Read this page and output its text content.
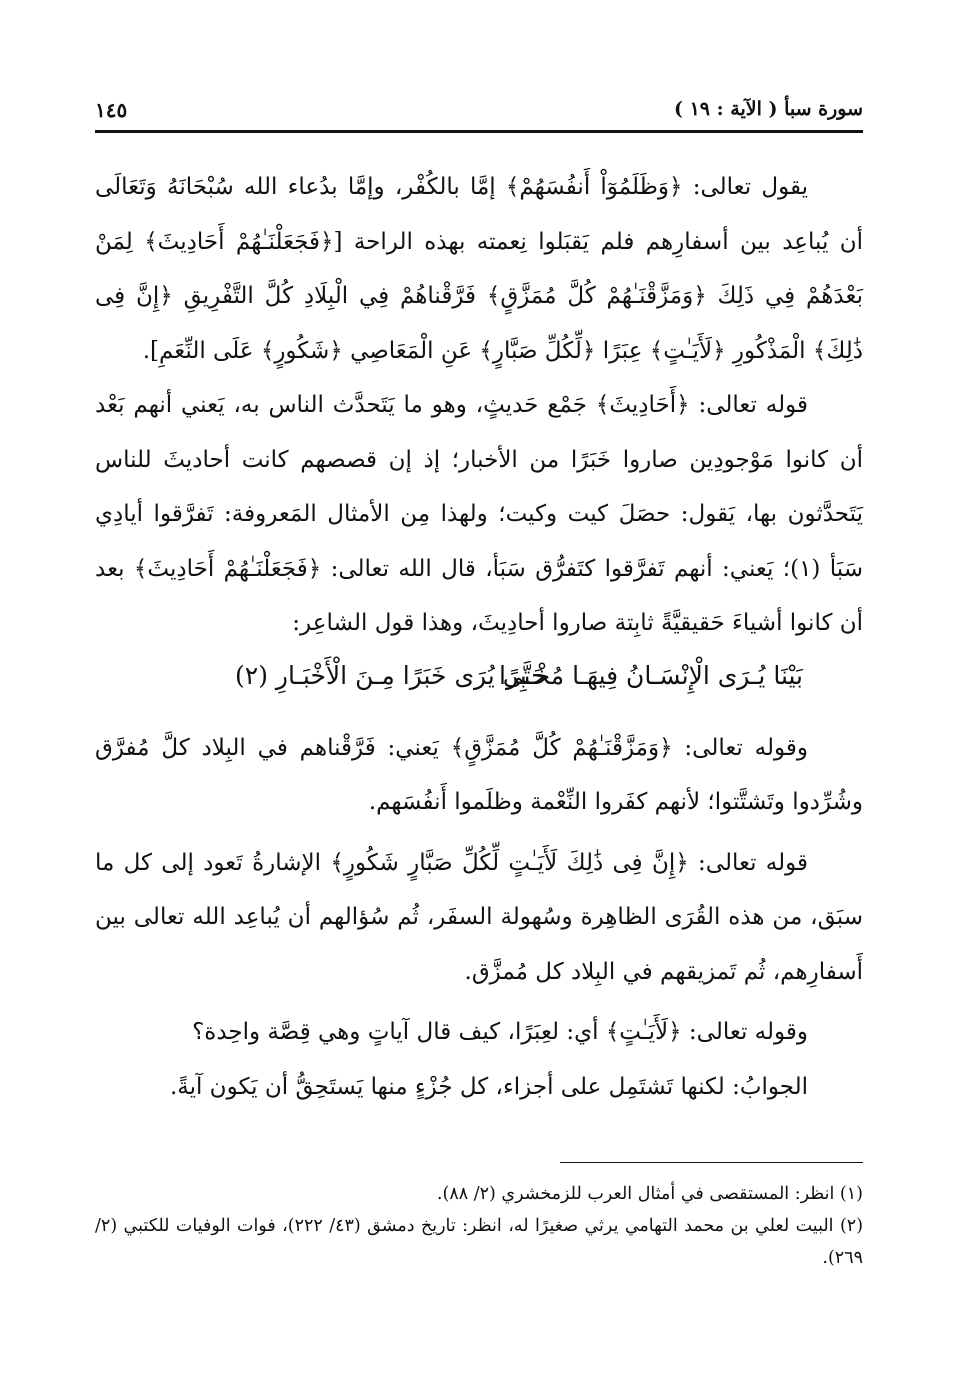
سورة سبأ ( الآية : ١٩ )
١٤٥

يقول تعالى: ﴿وَظَلَمُوٓاْ أَنفُسَهُمْ﴾ إمَّا بالكُفْر، وإمَّا بدُعاء الله سُبْحَانَهُ وَتَعَالَى أن يُباعِد بين أسفارِهم فلم يَقبَلوا نِعمته بهذه الراحة [﴿فَجَعَلْنَـٰهُمْ أَحَادِيثَ﴾ لِمَنْ بَعْدَهُمْ فِي ذَلِكَ ﴿وَمَزَّقْنَـٰهُمْ كُلَّ مُمَزَّقٍ﴾ فَرَّقْناهُمْ فِي الْبِلَادِ كُلَّ التَّفْرِيقِ ﴿إِنَّ فِى ذَٰلِكَ﴾ الْمَذْكُورِ ﴿لَأَيَـٰتٍ﴾ عِبَرًا ﴿لِّكُلِّ صَبَّارٍ﴾ عَنِ الْمَعَاصِي ﴿شَكُورٍ﴾ عَلَى النِّعَمِ].

قوله تعالى: ﴿أَحَادِيثَ﴾ جَمْع حَديثٍ، وهو ما يَتَحدَّث الناس به، يَعني أنهم بَعْد أن كانوا مَوْجودِين صاروا خَبَرًا من الأخبار؛ إذ إن قصصهم كانت أحاديثَ للناس يَتَحدَّثون بها، يَقول: حصَلَ كيت وكيت؛ ولهذا مِن الأمثال المَعروفة: تَفرَّقوا أيادِي سَبَأ (١)؛ يَعني: أنهم تَفرَّقوا كتَفرُّق سَبَأ، قال الله تعالى: ﴿فَجَعَلْنَـٰهُمْ أَحَادِيثَ﴾ بعد أن كانوا أشياءَ حَقيقيَّةً ثابِتة صاروا أحادِيثَ، وهذا قول الشاعِر:

بَيْنَا يُـرَى الْإِنْسَـانُ فِيهَـا مُخْـبِرًا
حَتَّى يُرَى خَبَرًا مِـنَ الْأَخْبَـارِ (٢)

وقوله تعالى: ﴿وَمَزَّقْنَـٰهُمْ كُلَّ مُمَزَّقٍ﴾ يَعني: فَرَّقْناهم في البِلاد كلَّ مُفرَّق وشُرِّدوا وتَشتَّتوا؛ لأنهم كفَروا النِّعْمة وظلَموا أَنفُسَهم.

قوله تعالى: ﴿إِنَّ فِى ذَٰلِكَ لَأَيَـٰتٍ لِّكُلِّ صَبَّارٍ شَكُورٍ﴾ الإشارةُ تَعود إلى كل ما سبَق، من هذه القُرَى الظاهِرة وسُهولة السفَر، ثُم سُؤالهم أن يُباعِد الله تعالى بين أَسفارِهم، ثُم تَمزيقهم في البِلاد كل مُمزَّق.

وقوله تعالى: ﴿لَأَيَـٰتٍ﴾ أي: لعِبَرًا، كيف قال آياتٍ وهي قِصَّة واحِدة؟

الجوابُ: لكنها تَشتَمِل على أجزاء، كل جُزْءٍ منها يَستَحِقُّ أن يَكون آيةً.

(١) انظر: المستقصى في أمثال العرب للزمخشري (٢/ ٨٨).

(٢) البيت لعلي بن محمد التهامي يرثي صغيرًا له، انظر: تاريخ دمشق (٤٣/ ٢٢٢)، فوات الوفيات للكتبي (٢/ ٢٦٩).
